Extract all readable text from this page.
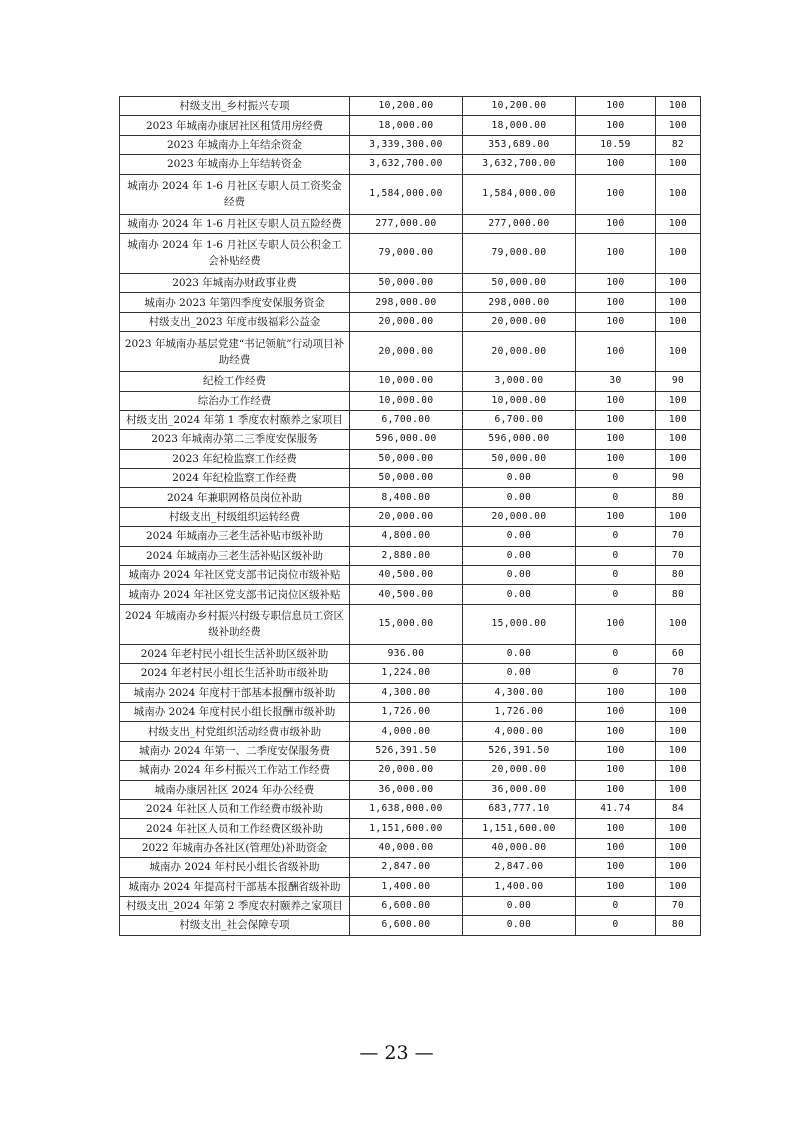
村级支出_乡村振兴专项	10,200.00	10,200.00	100	100
2023 年城南办康居社区租赁用房经费	18,000.00	18,000.00	100	100
2023 年城南办上年结余资金	3,339,300.00	353,689.00	10.59	82
2023 年城南办上年结转资金	3,632,700.00	3,632,700.00	100	100
城南办 2024 年 1-6 月社区专职人员工资奖金经费	1,584,000.00	1,584,000.00	100	100
城南办 2024 年 1-6 月社区专职人员五险经费	277,000.00	277,000.00	100	100
城南办 2024 年 1-6 月社区专职人员公积金工会补贴经费	79,000.00	79,000.00	100	100
2023 年城南办财政事业费	50,000.00	50,000.00	100	100
城南办 2023 年第四季度安保服务资金	298,000.00	298,000.00	100	100
村级支出_2023 年度市级福彩公益金	20,000.00	20,000.00	100	100
2023 年城南办基层党建“书记领航”行动项目补助经费	20,000.00	20,000.00	100	100
纪检工作经费	10,000.00	3,000.00	30	90
综治办工作经费	10,000.00	10,000.00	100	100
村级支出_2024 年第 1 季度农村颐养之家项目	6,700.00	6,700.00	100	100
2023 年城南办第二三季度安保服务	596,000.00	596,000.00	100	100
2023 年纪检监察工作经费	50,000.00	50,000.00	100	100
2024 年纪检监察工作经费	50,000.00	0.00	0	90
2024 年兼职网格员岗位补助	8,400.00	0.00	0	80
村级支出_村级组织运转经费	20,000.00	20,000.00	100	100
2024 年城南办三老生活补贴市级补助	4,800.00	0.00	0	70
2024 年城南办三老生活补贴区级补助	2,880.00	0.00	0	70
城南办 2024 年社区党支部书记岗位市级补贴	40,500.00	0.00	0	80
城南办 2024 年社区党支部书记岗位区级补贴	40,500.00	0.00	0	80
2024 年城南办乡村振兴村级专职信息员工资区级补助经费	15,000.00	15,000.00	100	100
2024 年老村民小组长生活补助区级补助	936.00	0.00	0	60
2024 年老村民小组长生活补助市级补助	1,224.00	0.00	0	70
城南办 2024 年度村干部基本报酬市级补助	4,300.00	4,300.00	100	100
城南办 2024 年度村民小组长报酬市级补助	1,726.00	1,726.00	100	100
村级支出_村党组织活动经费市级补助	4,000.00	4,000.00	100	100
城南办 2024 年第一、二季度安保服务费	526,391.50	526,391.50	100	100
城南办 2024 年乡村振兴工作站工作经费	20,000.00	20,000.00	100	100
城南办康居社区 2024 年办公经费	36,000.00	36,000.00	100	100
2024 年社区人员和工作经费市级补助	1,638,000.00	683,777.10	41.74	84
2024 年社区人员和工作经费区级补助	1,151,600.00	1,151,600.00	100	100
2022 年城南办各社区(管理处)补助资金	40,000.00	40,000.00	100	100
城南办 2024 年村民小组长省级补助	2,847.00	2,847.00	100	100
城南办 2024 年提高村干部基本报酬省级补助	1,400.00	1,400.00	100	100
村级支出_2024 年第 2 季度农村颐养之家项目	6,600.00	0.00	0	70
村级支出_社会保障专项	6,600.00	0.00	0	80
— 23 —
